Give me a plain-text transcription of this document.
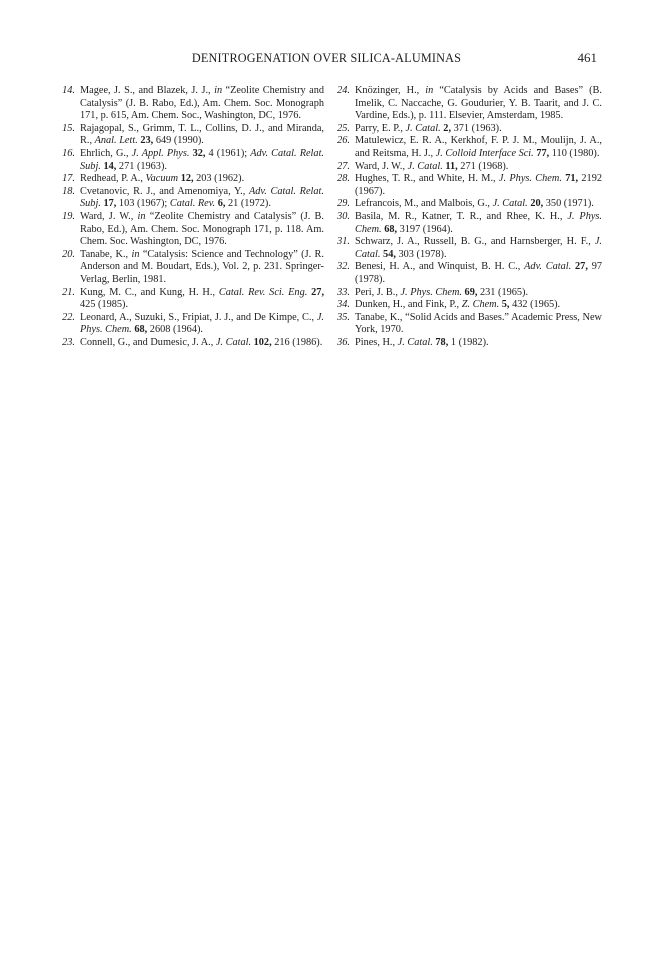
DENITROGENATION OVER SILICA-ALUMINAS	461

14. Magee, J. S., and Blazek, J. J., in “Zeolite Chemistry and Catalysis” (J. B. Rabo, Ed.), Am. Chem. Soc. Monograph 171, p. 615, Am. Chem. Soc., Washington, DC, 1976.

15. Rajagopal, S., Grimm, T. L., Collins, D. J., and Miranda, R., Anal. Lett. 23, 649 (1990).

16. Ehrlich, G., J. Appl. Phys. 32, 4 (1961); Adv. Catal. Relat. Subj. 14, 271 (1963).

17. Redhead, P. A., Vacuum 12, 203 (1962).

18. Cvetanovic, R. J., and Amenomiya, Y., Adv. Catal. Relat. Subj. 17, 103 (1967); Catal. Rev. 6, 21 (1972).

19. Ward, J. W., in “Zeolite Chemistry and Catalysis” (J. B. Rabo, Ed.), Am. Chem. Soc. Monograph 171, p. 118. Am. Chem. Soc. Washington, DC, 1976.

20. Tanabe, K., in “Catalysis: Science and Technology” (J. R. Anderson and M. Boudart, Eds.), Vol. 2, p. 231. Springer-Verlag, Berlin, 1981.

21. Kung, M. C., and Kung, H. H., Catal. Rev. Sci. Eng. 27, 425 (1985).

22. Leonard, A., Suzuki, S., Fripiat, J. J., and De Kimpe, C., J. Phys. Chem. 68, 2608 (1964).

23. Connell, G., and Dumesic, J. A., J. Catal. 102, 216 (1986).

24. Knözinger, H., in “Catalysis by Acids and Bases” (B. Imelik, C. Naccache, G. Goudurier, Y. B. Taarit, and J. C. Vardine, Eds.), p. 111. Elsevier, Amsterdam, 1985.

25. Parry, E. P., J. Catal. 2, 371 (1963).

26. Matulewicz, E. R. A., Kerkhof, F. P. J. M., Moulijn, J. A., and Reitsma, H. J., J. Colloid Interface Sci. 77, 110 (1980).

27. Ward, J. W., J. Catal. 11, 271 (1968).

28. Hughes, T. R., and White, H. M., J. Phys. Chem. 71, 2192 (1967).

29. Lefrancois, M., and Malbois, G., J. Catal. 20, 350 (1971).

30. Basila, M. R., Katner, T. R., and Rhee, K. H., J. Phys. Chem. 68, 3197 (1964).

31. Schwarz, J. A., Russell, B. G., and Harnsberger, H. F., J. Catal. 54, 303 (1978).

32. Benesi, H. A., and Winquist, B. H. C., Adv. Catal. 27, 97 (1978).

33. Peri, J. B., J. Phys. Chem. 69, 231 (1965).

34. Dunken, H., and Fink, P., Z. Chem. 5, 432 (1965).

35. Tanabe, K., “Solid Acids and Bases.” Academic Press, New York, 1970.

36. Pines, H., J. Catal. 78, 1 (1982).
